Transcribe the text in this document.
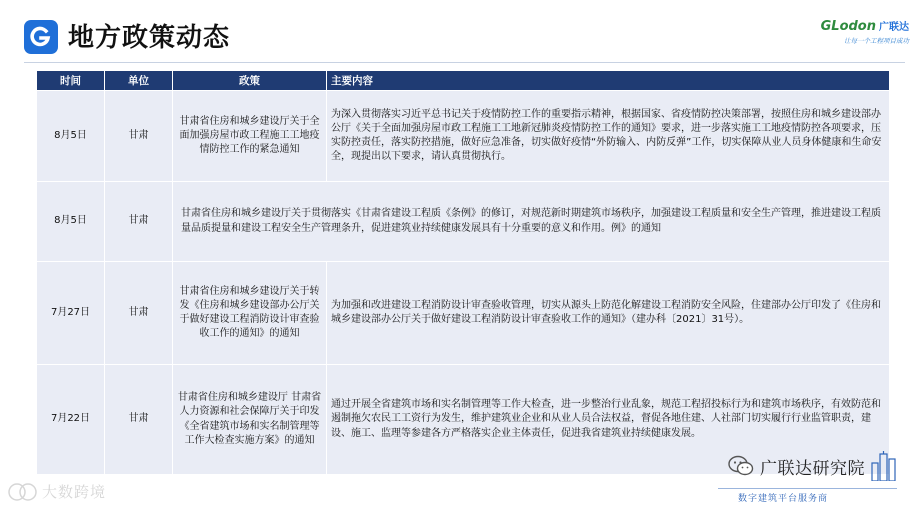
地方政策动态	GLodon 广联达
让每一个工程项目成功
时间	单位	政策	主要内容
8月5日	甘肃	甘肃省住房和城乡建设厅关于全面加强房屋市政工程施工工地疫情防控工作的紧急通知	为深入贯彻落实习近平总书记关于疫情防控工作的重要指示精神，根据国家、省疫情防控决策部署，按照住房和城乡建设部办公厅《关于全面加强房屋市政工程施工工地新冠肺炎疫情防控工作的通知》要求，进一步落实施工工地疫情防控各项要求，压实防控责任，落实防控措施，做好应急准备，切实做好疫情“外防输入、内防反弹”工作，切实保障从业人员身体健康和生命安全，现提出以下要求，请认真贯彻执行。
8月5日	甘肃	甘肃省住房和城乡建设厅关于贯彻落实《甘肃省建设工程质《条例》的修订，对规范新时期建筑市场秩序，加强建设工程质量和安全生产管理，推进建设工程质量品质提量和建设工程安全生产管理条升，促进建筑业持续健康发展具有十分重要的意义和作用。例》的通知	
7月27日	甘肃	甘肃省住房和城乡建设厅关于转发《住房和城乡建设部办公厅关于做好建设工程消防设计审查验收工作的通知》的通知	为加强和改进建设工程消防设计审查验收管理，切实从源头上防范化解建设工程消防安全风险，住建部办公厅印发了《住房和城乡建设部办公厅关于做好建设工程消防设计审查验收工作的通知》（建办科〔2021〕31号）。
7月22日	甘肃	甘肃省住房和城乡建设厅 甘肃省人力资源和社会保障厅关于印发《全省建筑市场和实名制管理等工作大检查实施方案》的通知	通过开展全省建筑市场和实名制管理等工作大检查，进一步整治行业乱象，规范工程招投标行为和建筑市场秩序，有效防范和遏制拖欠农民工工资行为发生，维护建筑业企业和从业人员合法权益，督促各地住建、人社部门切实履行行业监管职责，建设、施工、监理等参建各方严格落实企业主体责任，促进我省建筑业持续健康发展。
广联达研究院
数字建筑平台服务商
大数跨境
